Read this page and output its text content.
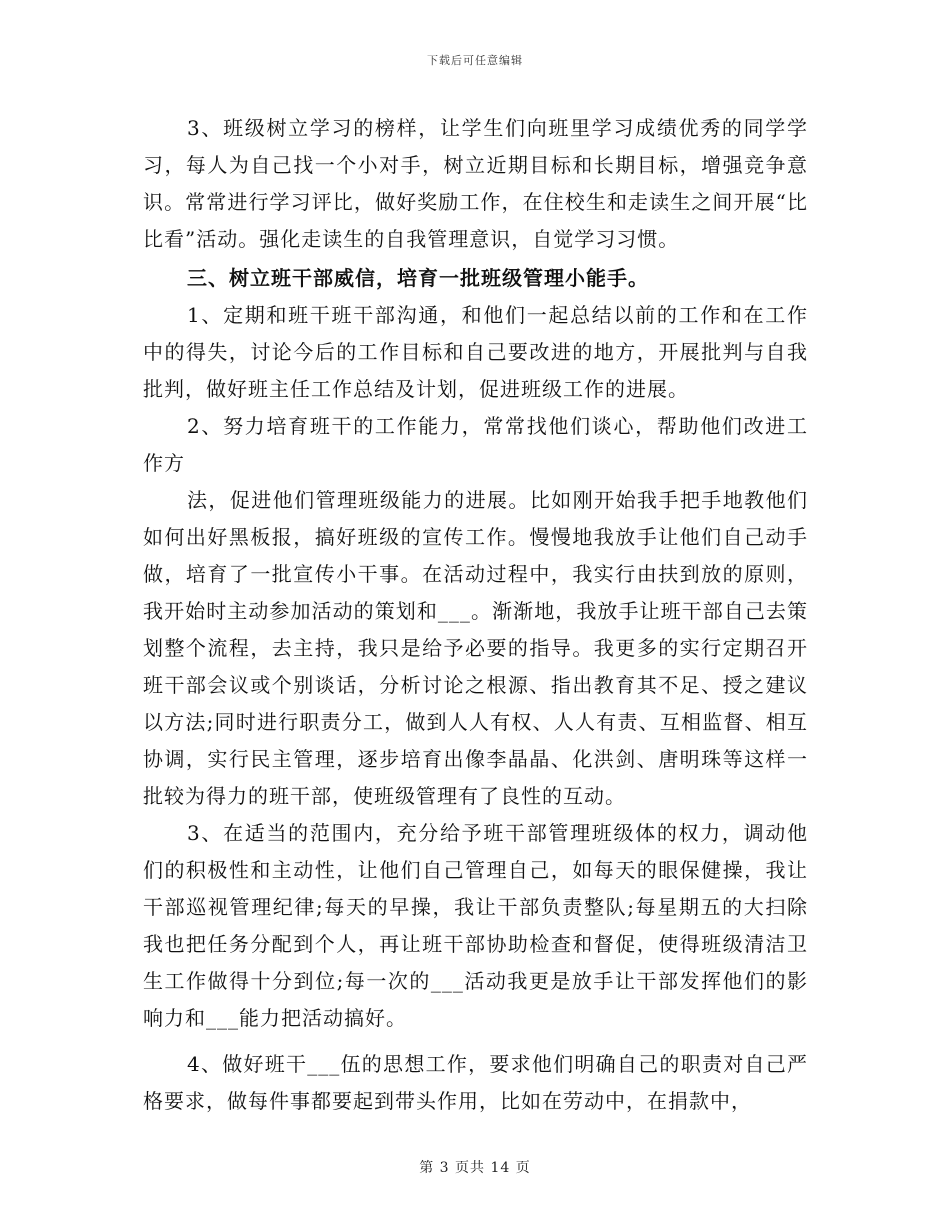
下载后可任意编辑

3、班级树立学习的榜样，让学生们向班里学习成绩优秀的同学学习，每人为自己找一个小对手，树立近期目标和长期目标，增强竞争意识。常常进行学习评比，做好奖励工作，在住校生和走读生之间开展“比比看”活动。强化走读生的自我管理意识，自觉学习习惯。

三、树立班干部威信，培育一批班级管理小能手。

1、定期和班干班干部沟通，和他们一起总结以前的工作和在工作中的得失，讨论今后的工作目标和自己要改进的地方，开展批判与自我批判，做好班主任工作总结及计划，促进班级工作的进展。

2、努力培育班干的工作能力，常常找他们谈心，帮助他们改进工作方

法，促进他们管理班级能力的进展。比如刚开始我手把手地教他们如何出好黑板报，搞好班级的宣传工作。慢慢地我放手让他们自己动手做，培育了一批宣传小干事。在活动过程中，我实行由扶到放的原则，我开始时主动参加活动的策划和___。渐渐地，我放手让班干部自己去策划整个流程，去主持，我只是给予必要的指导。我更多的实行定期召开班干部会议或个别谈话，分析讨论之根源、指出教育其不足、授之建议以方法;同时进行职责分工，做到人人有权、人人有责、互相监督、相互协调，实行民主管理，逐步培育出像李晶晶、化洪剑、唐明珠等这样一批较为得力的班干部，使班级管理有了良性的互动。

3、在适当的范围内，充分给予班干部管理班级体的权力，调动他们的积极性和主动性，让他们自己管理自己，如每天的眼保健操，我让干部巡视管理纪律;每天的早操，我让干部负责整队;每星期五的大扫除我也把任务分配到个人，再让班干部协助检查和督促，使得班级清洁卫生工作做得十分到位;每一次的___活动我更是放手让干部发挥他们的影响力和___能力把活动搞好。

4、做好班干___伍的思想工作，要求他们明确自己的职责对自己严格要求，做每件事都要起到带头作用，比如在劳动中，在捐款中，

第 3 页共 14 页
